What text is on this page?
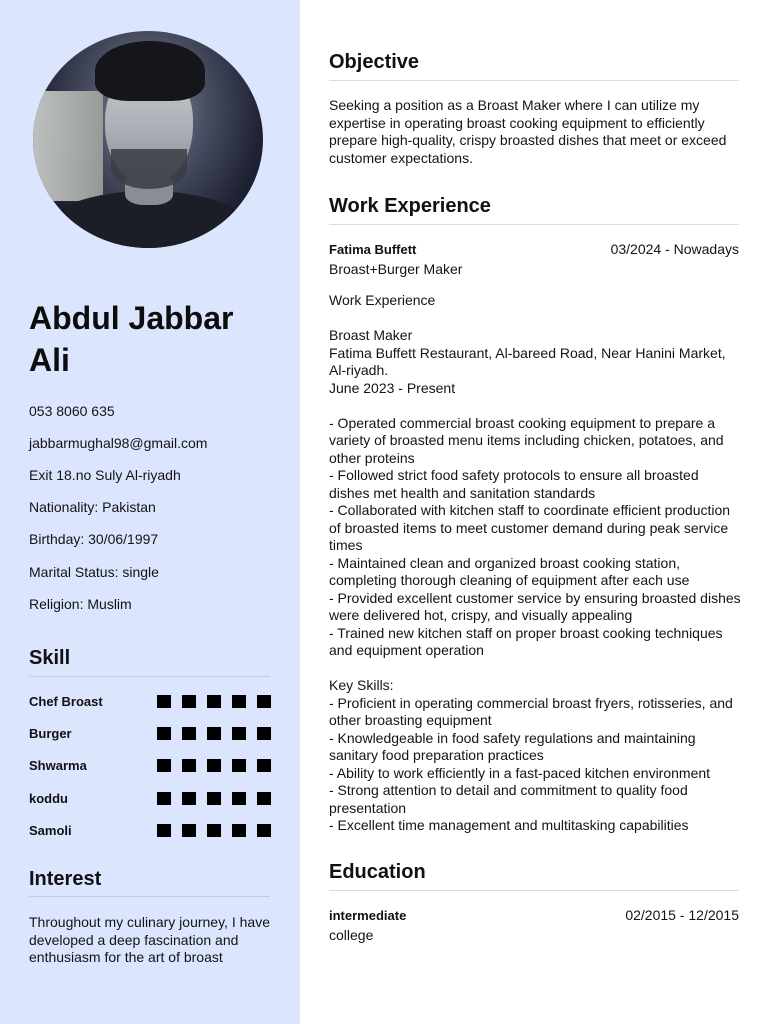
Abdul Jabbar Ali
053 8060 635
jabbarmughal98@gmail.com
Exit 18.no Suly Al-riyadh
Nationality: Pakistan
Birthday: 30/06/1997
Marital Status: single
Religion: Muslim
Skill
Chef Broast
Burger
Shwarma
koddu
Samoli
Interest
Throughout my culinary journey, I have developed a deep fascination and enthusiasm for the art of broast
Objective
Seeking a position as a Broast Maker where I can utilize my expertise in operating broast cooking equipment to efficiently prepare high-quality, crispy broasted dishes that meet or exceed customer expectations.
Work Experience
Fatima Buffett	03/2024 - Nowadays
Broast+Burger Maker
Work Experience

Broast Maker
Fatima Buffett Restaurant, Al-bareed Road, Near Hanini Market, Al-riyadh.
June 2023 - Present

- Operated commercial broast cooking equipment to prepare a variety of broasted menu items including chicken, potatoes, and other proteins
- Followed strict food safety protocols to ensure all broasted dishes met health and sanitation standards
- Collaborated with kitchen staff to coordinate efficient production of broasted items to meet customer demand during peak service times
- Maintained clean and organized broast cooking station, completing thorough cleaning of equipment after each use
- Provided excellent customer service by ensuring broasted dishes were delivered hot, crispy, and visually appealing
- Trained new kitchen staff on proper broast cooking techniques and equipment operation

Key Skills:
- Proficient in operating commercial broast fryers, rotisseries, and other broasting equipment
- Knowledgeable in food safety regulations and maintaining sanitary food preparation practices
- Ability to work efficiently in a fast-paced kitchen environment
- Strong attention to detail and commitment to quality food presentation
- Excellent time management and multitasking capabilities
Education
intermediate	02/2015 - 12/2015
college
